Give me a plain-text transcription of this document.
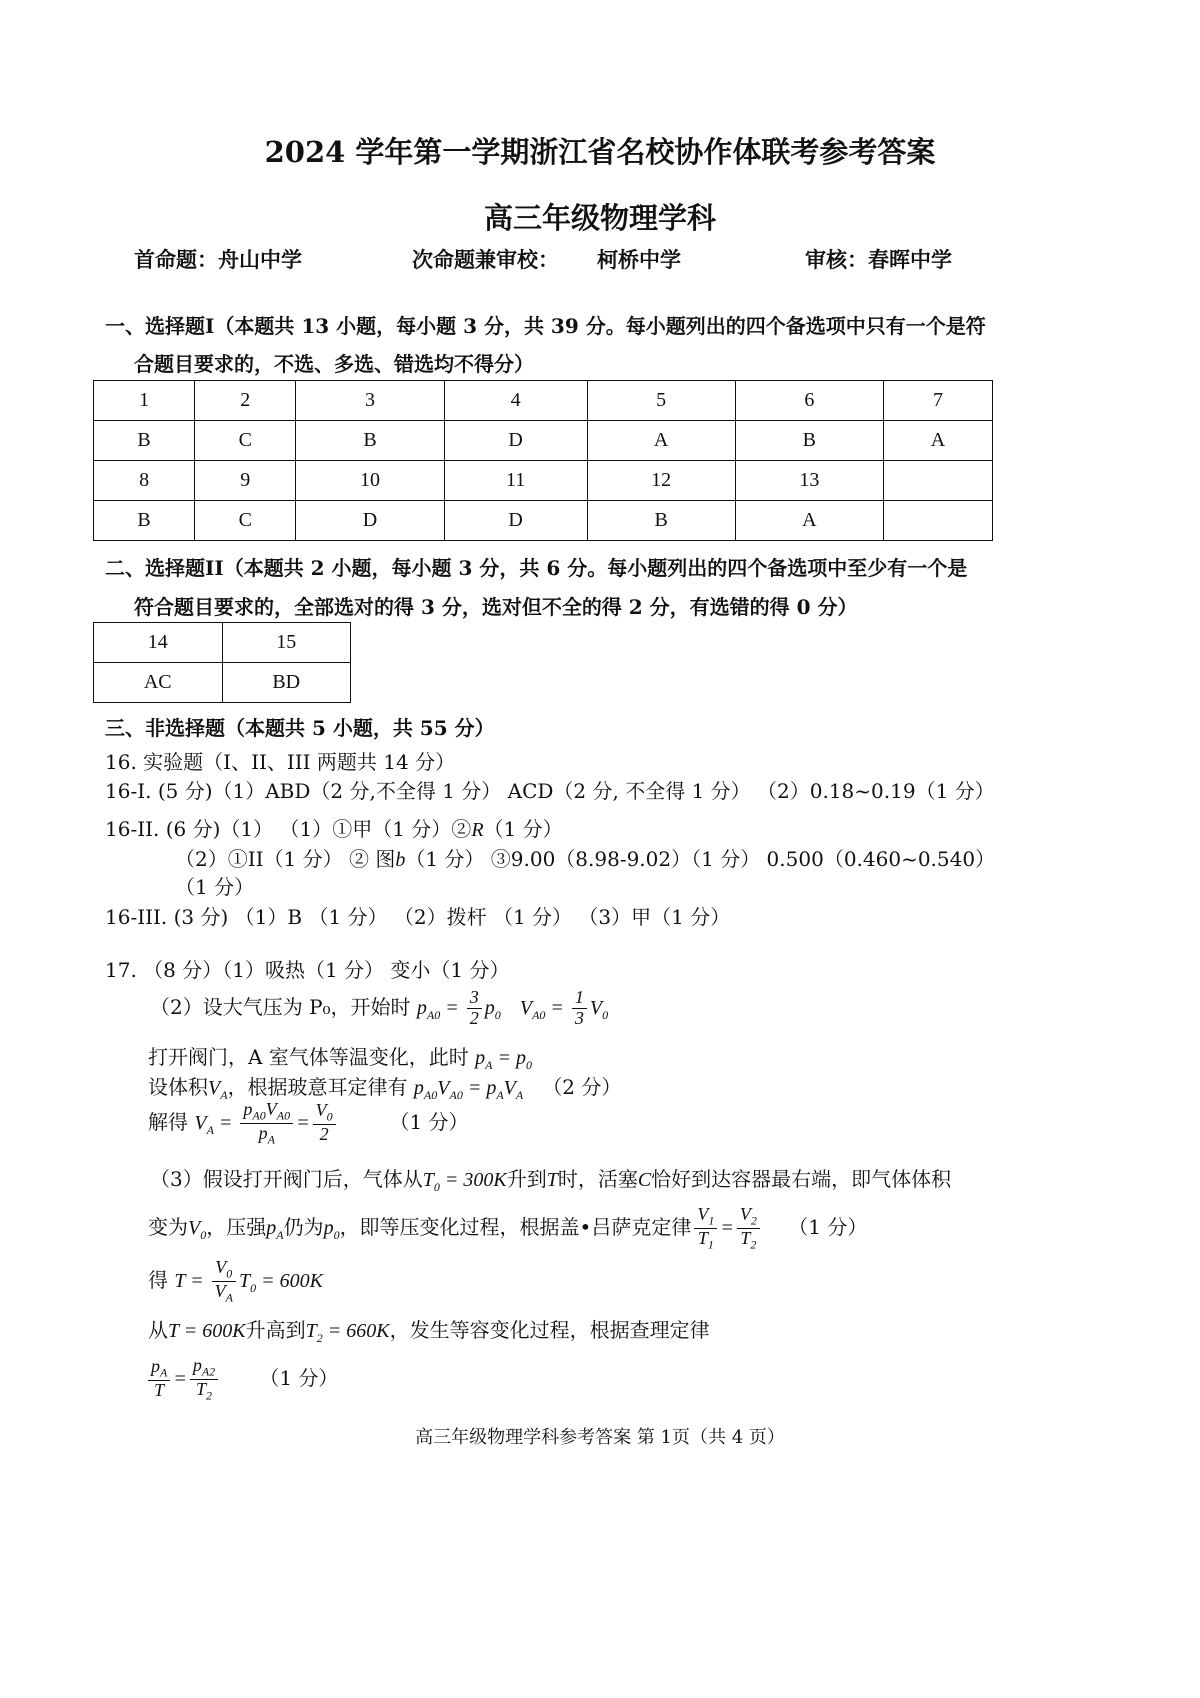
2024 学年第一学期浙江省名校协作体联考参考答案
高三年级物理学科
首命题：舟山中学	次命题兼审校： 柯桥中学	审核：春晖中学
一、选择题I（本题共 13 小题，每小题 3 分，共 39 分。每小题列出的四个备选项中只有一个是符
合题目要求的，不选、多选、错选均不得分）
1	2	3	4	5	6	7
B	C	B	D	A	B	A
8	9	10	11	12	13	
B	C	D	D	B	A	
二、选择题II（本题共 2 小题，每小题 3 分，共 6 分。每小题列出的四个备选项中至少有一个是
符合题目要求的，全部选对的得 3 分，选对但不全的得 2 分，有选错的得 0 分）
14	15
AC	BD
三、非选择题（本题共 5 小题，共 55 分）
16. 实验题（I、II、III 两题共 14 分）
16-I. (5 分)（1）ABD（2 分,不全得 1 分） ACD（2 分, 不全得 1 分） （2）0.18~0.19（1 分）
16-II. (6 分)（1） （1）①甲（1 分）②R（1 分）
（2）①II（1 分） ② 图b（1 分） ③9.00（8.98-9.02）（1 分） 0.500（0.460~0.540）
（1 分）
16-III. (3 分) （1）B （1 分） （2）拨杆 （1 分） （3）甲（1 分）
17. （8 分）（1）吸热（1 分） 变小（1 分）
（2）设大气压为 P₀，开始时 $p_{A0} = \frac{3}{2} p_0$ $V_{A0} = \frac{1}{3} V_0$
打开阀门，A 室气体等温变化，此时 $p_A = p_0$
设体积$V_A$，根据玻意耳定律有 $p_{A0}V_{A0} = p_AV_A$ （2 分）
解得 $V_A = \frac{p_{A0}V_{A0}}{p_A} = \frac{V_0}{2}$	（1 分）
（3）假设打开阀门后，气体从$T_0 = 300K$升到T时，活塞C恰好到达容器最右端，即气体体积
变为$V_0$，压强$p_A$仍为$p_0$，即等压变化过程，根据盖•吕萨克定律 $\frac{V_1}{T_1} = \frac{V_2}{T_2} (1$ 分）
得 $T = \frac{V_0}{V_A} T_0 = 600K$
从T = 600K升高到$T_2 = 660K$，发生等容变化过程，根据查理定律
$\frac{p_A}{T} = \frac{p_{A2}}{T_2} (1$ 分）
高三年级物理学科参考答案 第 1页（共 4 页）
